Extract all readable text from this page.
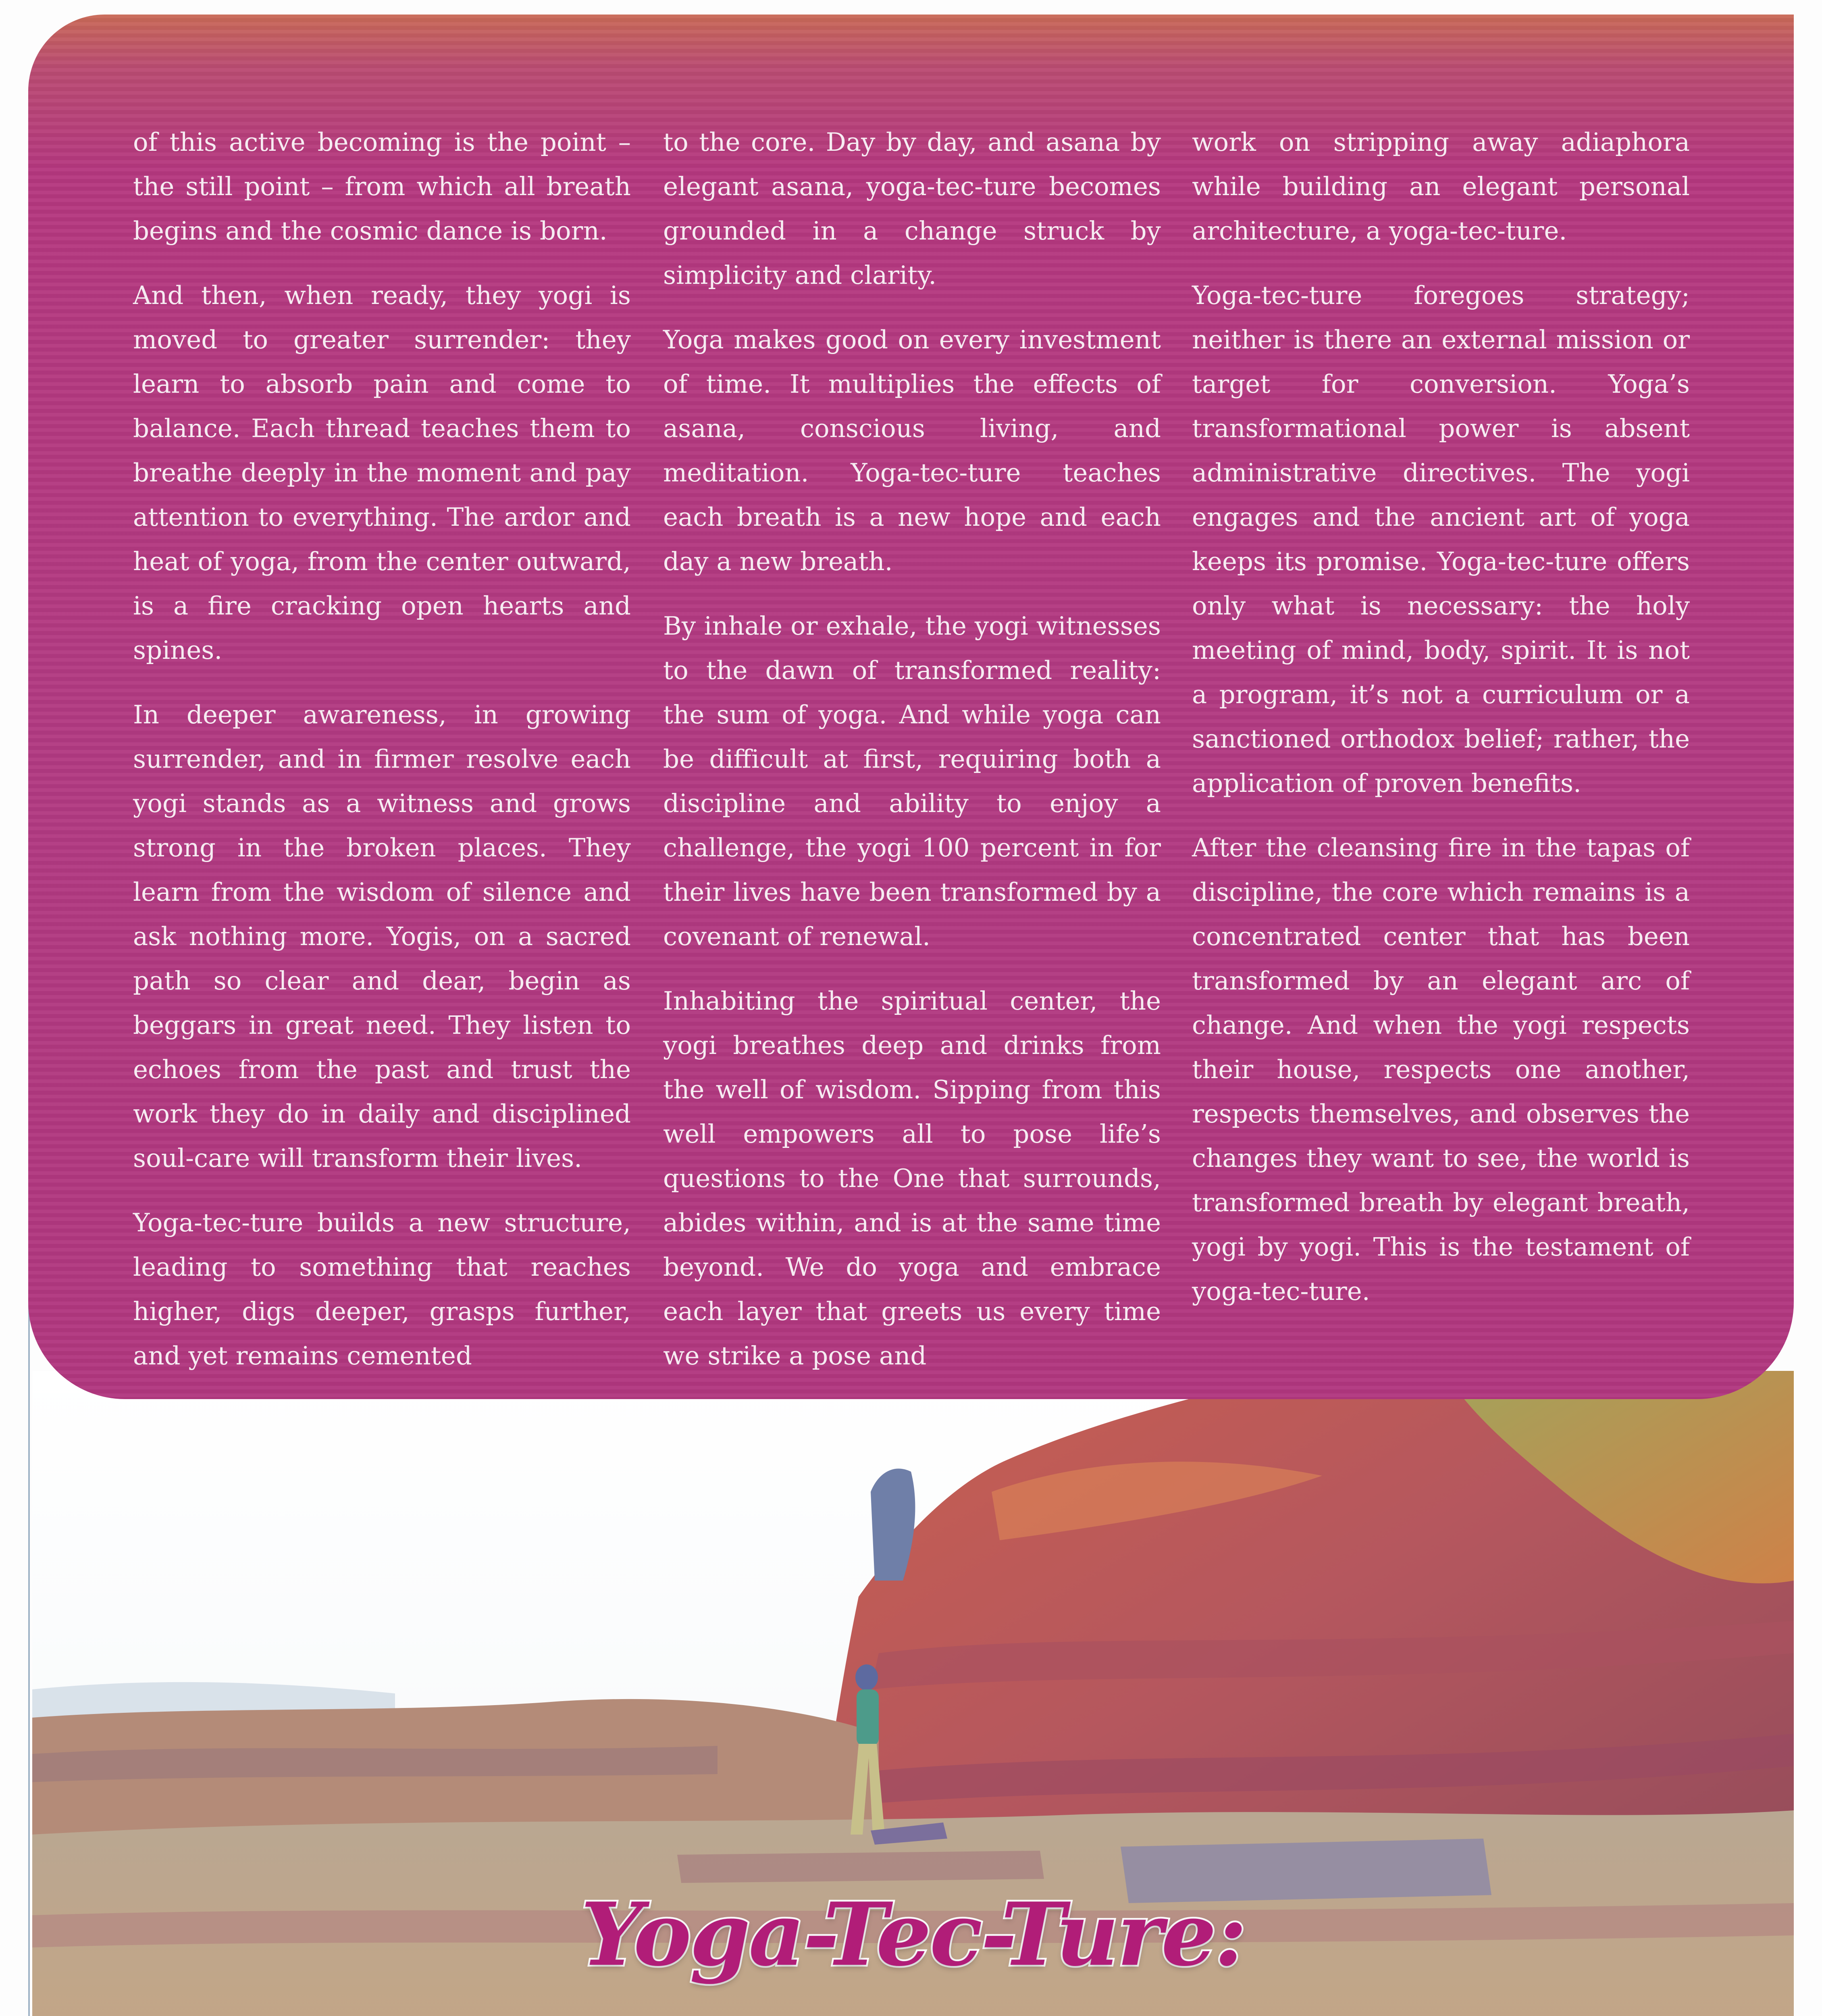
of this active becoming is the point – the still point – from which all breath begins and the cosmic dance is born.

And then, when ready, they yogi is moved to greater surrender: they learn to absorb pain and come to balance. Each thread teaches them to breathe deeply in the moment and pay attention to everything. The ardor and heat of yoga, from the center outward, is a fire cracking open hearts and spines.

In deeper awareness, in growing surrender, and in firmer resolve each yogi stands as a witness and grows strong in the broken places. They learn from the wisdom of silence and ask nothing more. Yogis, on a sacred path so clear and dear, begin as beggars in great need. They listen to echoes from the past and trust the work they do in daily and disciplined soul-care will transform their lives.

Yoga-tec-ture builds a new structure, leading to something that reaches higher, digs deeper, grasps further, and yet remains cemented

to the core. Day by day, and asana by elegant asana, yoga-tec-ture becomes grounded in a change struck by simplicity and clarity.

Yoga makes good on every investment of time. It multiplies the effects of asana, conscious living, and meditation. Yoga-tec-ture teaches each breath is a new hope and each day a new breath.

By inhale or exhale, the yogi witnesses to the dawn of transformed reality: the sum of yoga. And while yoga can be difficult at first, requiring both a discipline and ability to enjoy a challenge, the yogi 100 percent in for their lives have been transformed by a covenant of renewal.

Inhabiting the spiritual center, the yogi breathes deep and drinks from the well of wisdom. Sipping from this well empowers all to pose life’s questions to the One that surrounds, abides within, and is at the same time beyond. We do yoga and embrace each layer that greets us every time we strike a pose and

work on stripping away adiaphora while building an elegant personal architecture, a yoga-tec-ture.

Yoga-tec-ture foregoes strategy; neither is there an external mission or target for conversion. Yoga’s transformational power is absent administrative directives. The yogi engages and the ancient art of yoga keeps its promise. Yoga-tec-ture offers only what is necessary: the holy meeting of mind, body, spirit. It is not a program, it’s not a curriculum or a sanctioned orthodox belief; rather, the application of proven benefits.

After the cleansing fire in the tapas of discipline, the core which remains is a concentrated center that has been transformed by an elegant arc of change. And when the yogi respects their house, respects one another, respects themselves, and observes the changes they want to see, the world is transformed breath by elegant breath, yogi by yogi. This is the testament of yoga-tec-ture.

Yoga-Tec-Ture:
